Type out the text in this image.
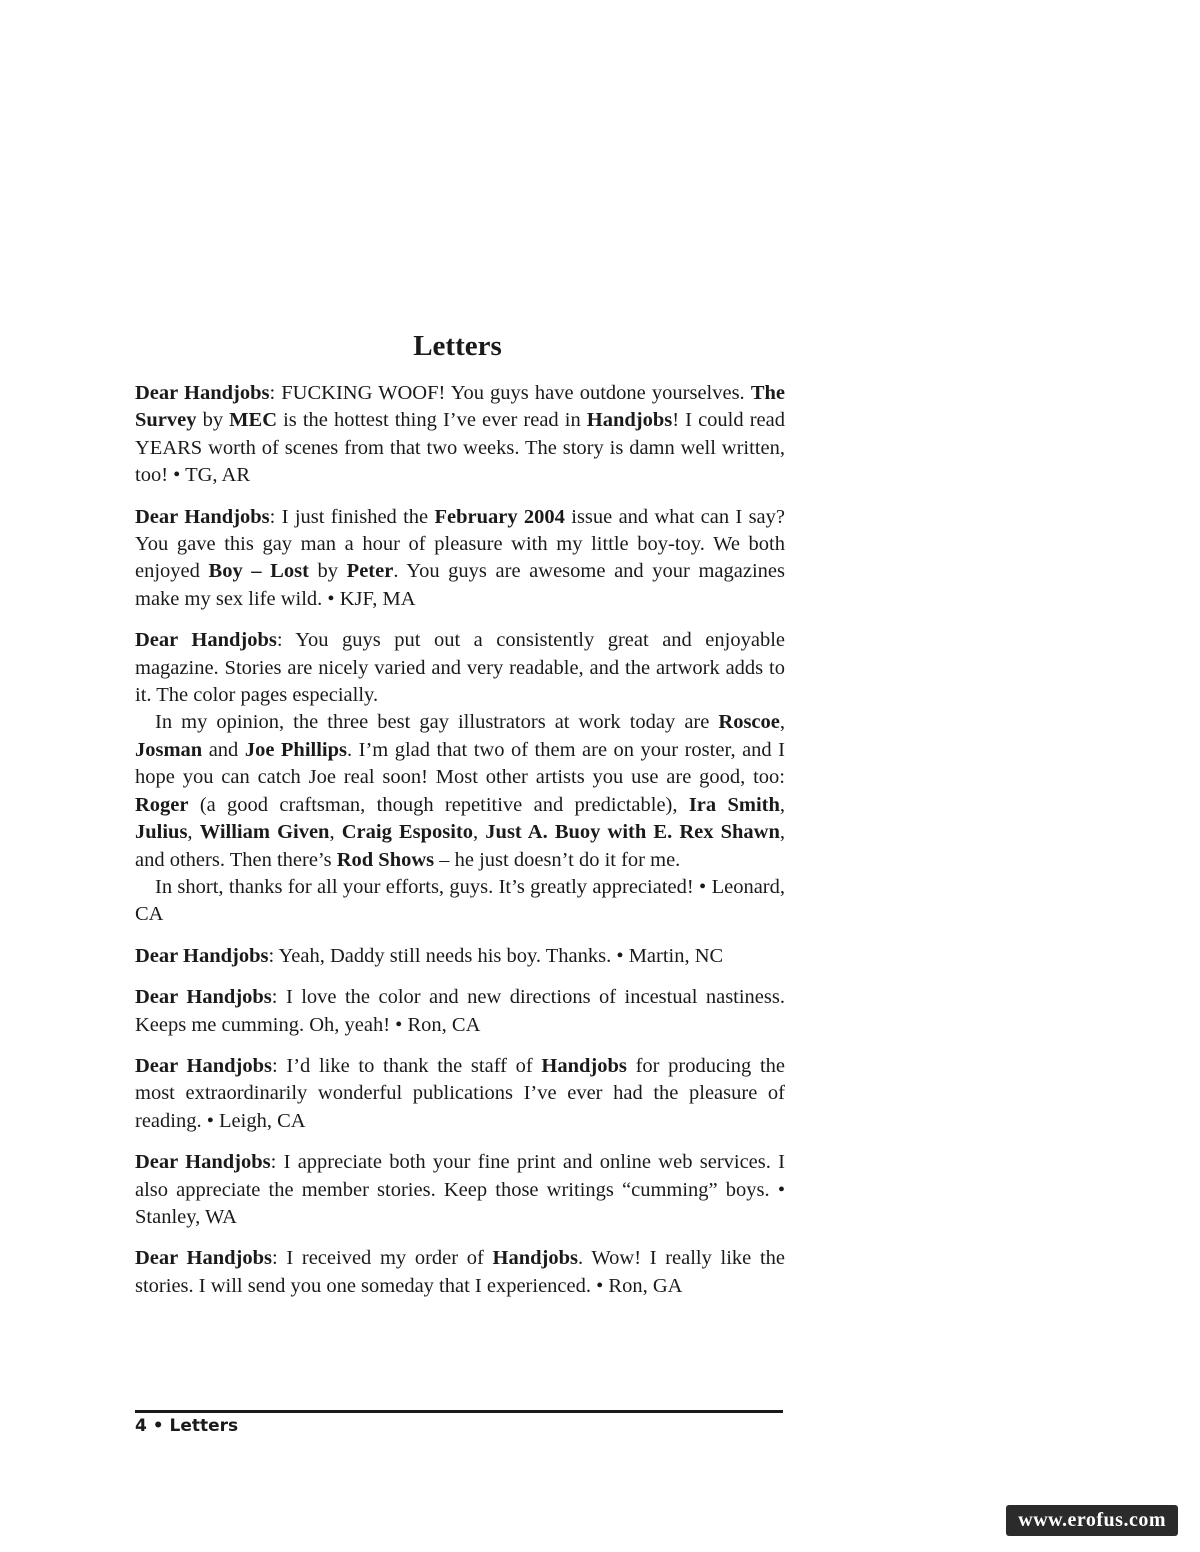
Letters

Dear Handjobs: FUCKING WOOF! You guys have outdone yourselves. The Survey by MEC is the hottest thing I’ve ever read in Handjobs! I could read YEARS worth of scenes from that two weeks. The story is damn well written, too! • TG, AR

Dear Handjobs: I just finished the February 2004 issue and what can I say? You gave this gay man a hour of pleasure with my little boy-toy. We both enjoyed Boy – Lost by Peter. You guys are awesome and your magazines make my sex life wild. • KJF, MA

Dear Handjobs: You guys put out a consistently great and enjoyable magazine. Stories are nicely varied and very readable, and the artwork adds to it. The color pages especially.

In my opinion, the three best gay illustrators at work today are Roscoe, Josman and Joe Phillips. I’m glad that two of them are on your roster, and I hope you can catch Joe real soon! Most other artists you use are good, too: Roger (a good craftsman, though repetitive and predictable), Ira Smith, Julius, William Given, Craig Esposito, Just A. Buoy with E. Rex Shawn, and others. Then there’s Rod Shows – he just doesn’t do it for me.

In short, thanks for all your efforts, guys. It’s greatly appreciated! • Leonard, CA

Dear Handjobs: Yeah, Daddy still needs his boy. Thanks. • Martin, NC

Dear Handjobs: I love the color and new directions of incestual nastiness. Keeps me cumming. Oh, yeah! • Ron, CA

Dear Handjobs: I’d like to thank the staff of Handjobs for producing the most extraordinarily wonderful publications I’ve ever had the pleasure of reading. • Leigh, CA

Dear Handjobs: I appreciate both your fine print and online web services. I also appreciate the member stories. Keep those writings “cumming” boys. • Stanley, WA

Dear Handjobs: I received my order of Handjobs. Wow! I really like the stories. I will send you one someday that I experienced. • Ron, GA

4 • Letters
www.erofus.com
